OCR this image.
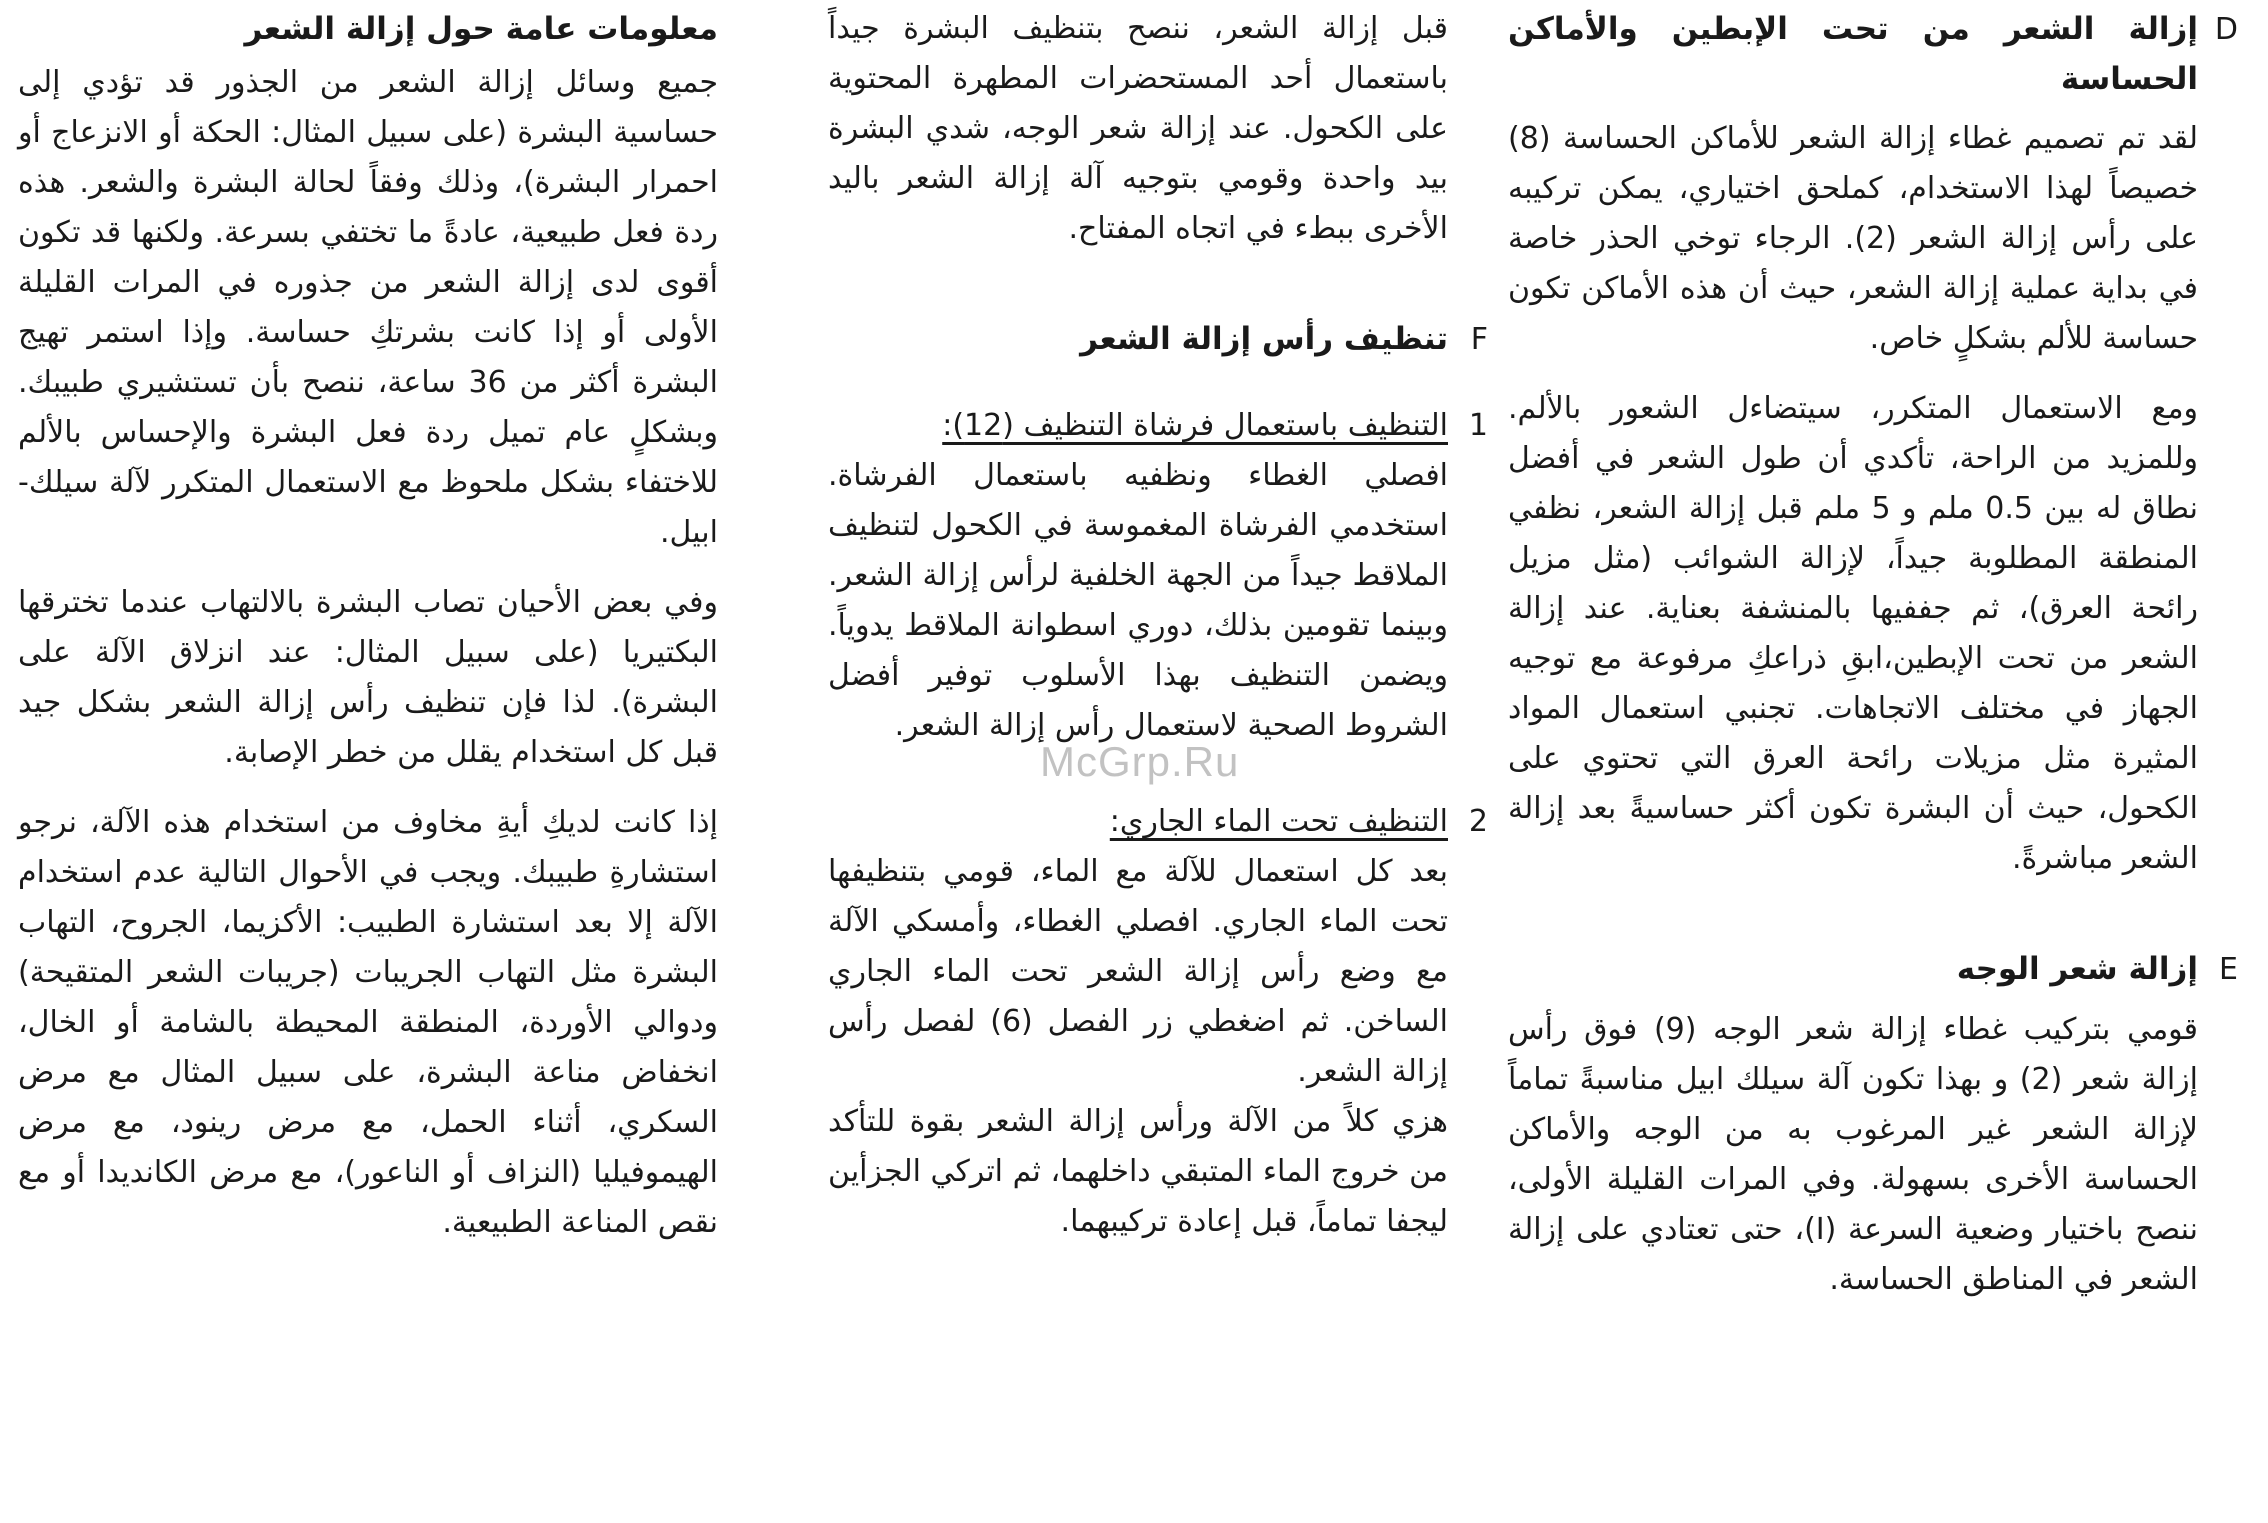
D
إزالة الشعر من تحت الإبطين والأماكن الحساسة

لقد تم تصميم غطاء إزالة الشعر للأماكن الحساسة (8) خصيصاً لهذا الاستخدام، كملحق اختياري، يمكن تركيبه على رأس إزالة الشعر (2). الرجاء توخي الحذر خاصة في بداية عملية إزالة الشعر، حيث أن هذه الأماكن تكون حساسة للألم بشكلٍ خاص.

ومع الاستعمال المتكرر، سيتضاءل الشعور بالألم. وللمزيد من الراحة، تأكدي أن طول الشعر في أفضل نطاق له بين 0.5 ملم و 5 ملم قبل إزالة الشعر، نظفي المنطقة المطلوبة جيداً، لإزالة الشوائب (مثل مزيل رائحة العرق)، ثم جففيها بالمنشفة بعناية. عند إزالة الشعر من تحت الإبطين،ابقِ ذراعكِ مرفوعة مع توجيه الجهاز في مختلف الاتجاهات. تجنبي استعمال المواد المثيرة مثل مزيلات رائحة العرق التي تحتوي على الكحول، حيث أن البشرة تكون أكثر حساسيةً بعد إزالة الشعر مباشرةً.

E
إزالة شعر الوجه

قومي بتركيب غطاء إزالة شعر الوجه (9) فوق رأس إزالة شعر (2) و بهذا تكون آلة سيلك ابيل مناسبةً تماماً لإزالة الشعر غير المرغوب به من الوجه والأماكن الحساسة الأخرى بسهولة. وفي المرات القليلة الأولى، ننصح باختيار وضعية السرعة (I)، حتى تعتادي على إزالة الشعر في المناطق الحساسة.

قبل إزالة الشعر، ننصح بتنظيف البشرة جيداً باستعمال أحد المستحضرات المطهرة المحتوية على الكحول. عند إزالة شعر الوجه، شدي البشرة بيد واحدة وقومي بتوجيه آلة إزالة الشعر باليد الأخرى ببطء في اتجاه المفتاح.

F
تنظيف رأس إزالة الشعر
1
التنظيف باستعمال فرشاة التنظيف (12):

افصلي الغطاء ونظفيه باستعمال الفرشاة. استخدمي الفرشاة المغموسة في الكحول لتنظيف الملاقط جيداً من الجهة الخلفية لرأس إزالة الشعر. وبينما تقومين بذلك، دوري اسطوانة الملاقط يدوياً. ويضمن التنظيف بهذا الأسلوب توفير أفضل الشروط الصحية لاستعمال رأس إزالة الشعر.

2
التنظيف تحت الماء الجاري:

بعد كل استعمال للآلة مع الماء، قومي بتنظيفها تحت الماء الجاري. افصلي الغطاء، وأمسكي الآلة مع وضع رأس إزالة الشعر تحت الماء الجاري الساخن. ثم اضغطي زر الفصل (6) لفصل رأس إزالة الشعر.

هزي كلاً من الآلة ورأس إزالة الشعر بقوة للتأكد من خروج الماء المتبقي داخلهما، ثم اتركي الجزأين ليجفا تماماً، قبل إعادة تركيبهما.

معلومات عامة حول إزالة الشعر

جميع وسائل إزالة الشعر من الجذور قد تؤدي إلى حساسية البشرة (على سبيل المثال: الحكة أو الانزعاج أو احمرار البشرة)، وذلك وفقاً لحالة البشرة والشعر. هذه ردة فعل طبيعية، عادةً ما تختفي بسرعة. ولكنها قد تكون أقوى لدى إزالة الشعر من جذوره في المرات القليلة الأولى أو إذا كانت بشرتكِ حساسة. وإذا استمر تهيج البشرة أكثر من 36 ساعة، ننصح بأن تستشيري طبيبك. وبشكلٍ عام تميل ردة فعل البشرة والإحساس بالألم للاختفاء بشكل ملحوظ مع الاستعمال المتكرر لآلة سيلك-ابيل.

وفي بعض الأحيان تصاب البشرة بالالتهاب عندما تخترقها البكتيريا (على سبيل المثال: عند انزلاق الآلة على البشرة). لذا فإن تنظيف رأس إزالة الشعر بشكل جيد قبل كل استخدام يقلل من خطر الإصابة.

إذا كانت لديكِ أيةِ مخاوف من استخدام هذه الآلة، نرجو استشارةِ طبيبك. ويجب في الأحوال التالية عدم استخدام الآلة إلا بعد استشارة الطبيب: الأكزيما، الجروح، التهاب البشرة مثل التهاب الجريبات (جريبات الشعر المتقيحة) ودوالي الأوردة، المنطقة المحيطة بالشامة أو الخال، انخفاض مناعة البشرة، على سبيل المثال مع مرض السكري، أثناء الحمل، مع مرض رينود، مع مرض الهيموفيليا (النزاف أو الناعور)، مع مرض الكانديدا أو مع نقص المناعة الطبيعية.

McGrp.Ru
